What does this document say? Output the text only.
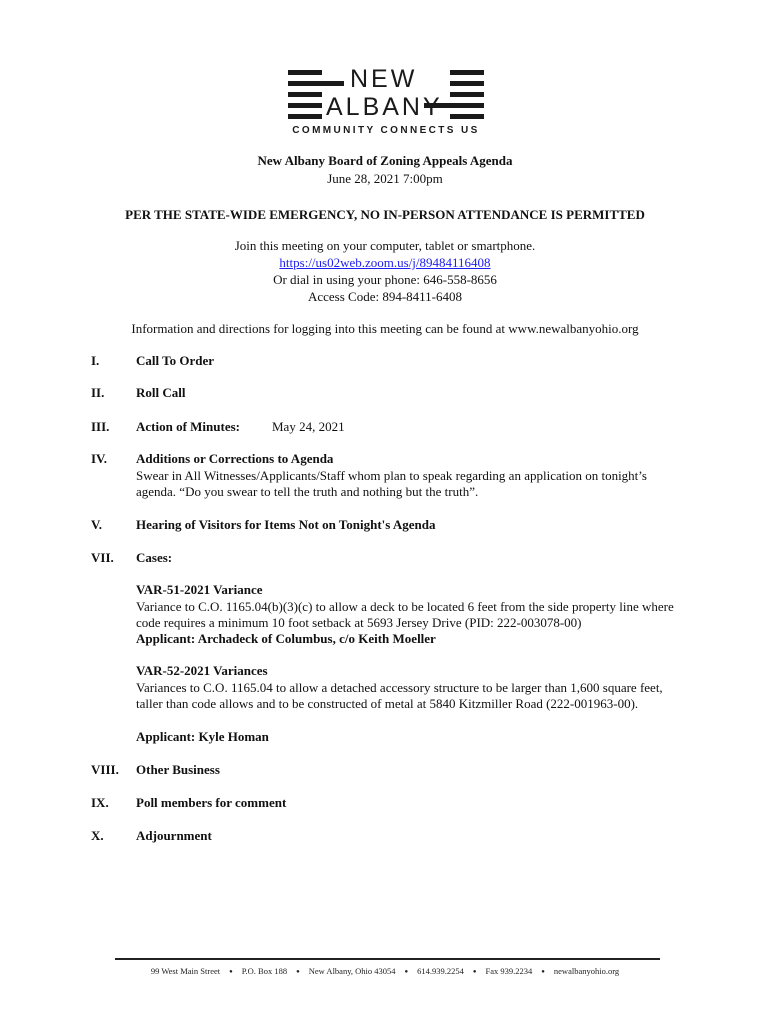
NEW
ALBANY
COMMUNITY CONNECTS US
New Albany Board of Zoning Appeals Agenda
June 28, 2021 7:00pm
PER THE STATE-WIDE EMERGENCY, NO IN-PERSON ATTENDANCE IS PERMITTED
Join this meeting on your computer, tablet or smartphone.
https://us02web.zoom.us/j/89484116408
Or dial in using your phone: 646-558-8656
Access Code: 894-8411-6408
Information and directions for logging into this meeting can be found at www.newalbanyohio.org
I.	Call To Order
II. Roll Call
III. Action of Minutes:	May 24, 2021
IV. Additions or Corrections to Agenda
Swear in All Witnesses/Applicants/Staff whom plan to speak regarding an application on tonight’s agenda. “Do you swear to tell the truth and nothing but the truth”.
V.	Hearing of Visitors for Items Not on Tonight's Agenda
VII. Cases:
VAR-51-2021 Variance
Variance to C.O. 1165.04(b)(3)(c) to allow a deck to be located 6 feet from the side property line where code requires a minimum 10 foot setback at 5693 Jersey Drive (PID: 222-003078-00)
Applicant: Archadeck of Columbus, c/o Keith Moeller
VAR-52-2021 Variances
Variances to C.O. 1165.04 to allow a detached accessory structure to be larger than 1,600 square feet, taller than code allows and to be constructed of metal at 5840 Kitzmiller Road (222-001963-00).
Applicant: Kyle Homan
VIII. Other Business
IX. Poll members for comment
X. Adjournment
99 West Main Street ● P.O. Box 188 ● New Albany, Ohio 43054 ● 614.939.2254 ● Fax 939.2234 ● newalbanyohio.org
